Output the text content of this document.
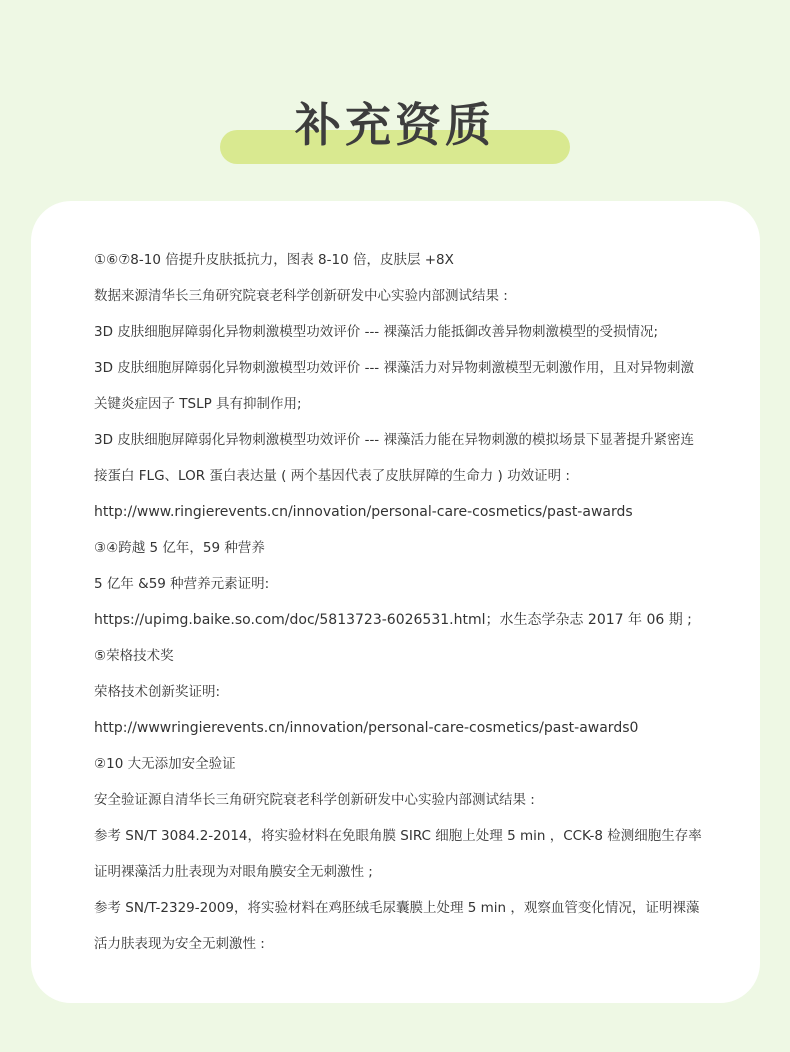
补充资质
①⑥⑦8-10 倍提升皮肤抵抗力，图表 8-10 倍，皮肤层 +8X
数据来源清华长三角研究院衰老科学创新研发中心实验内部测试结果 :
3D 皮肤细胞屏障弱化异物刺激模型功效评价 --- 裸藻活力能抵御改善异物刺激模型的受损情况;
3D 皮肤细胞屏障弱化异物刺激模型功效评价 --- 裸藻活力对异物刺激模型无刺激作用，且对异物刺激
关键炎症因子 TSLP 具有抑制作用;
3D 皮肤细胞屏障弱化异物刺激模型功效评价 --- 裸藻活力能在异物刺激的模拟场景下显著提升紧密连
接蛋白 FLG、LOR 蛋白表达量 ( 两个基因代表了皮肤屏障的生命力 ) 功效证明 :
http://www.ringierevents.cn/innovation/personal-care-cosmetics/past-awards
③④跨越 5 亿年，59 种营养
5 亿年 &59 种营养元素证明:
https://upimg.baike.so.com/doc/5813723-6026531.html；水生态学杂志 2017 年 06 期 ;
⑤荣格技术奖
荣格技术创新奖证明:
http://wwwringierevents.cn/innovation/personal-care-cosmetics/past-awards0
②10 大无添加安全验证
安全验证源自清华长三角研究院衰老科学创新研发中心实验内部测试结果 :
参考 SN/T 3084.2-2014，将实验材料在免眼角膜 SIRC 细胞上处理 5 min ，CCK-8 检测细胞生存率
证明裸藻活力肚表现为对眼角膜安全无刺激性 ;
参考 SN/T-2329-2009，将实验材料在鸡胚绒毛尿囊膜上处理 5 min ，观察血管变化情况，证明裸藻
活力肤表现为安全无刺激性 :
